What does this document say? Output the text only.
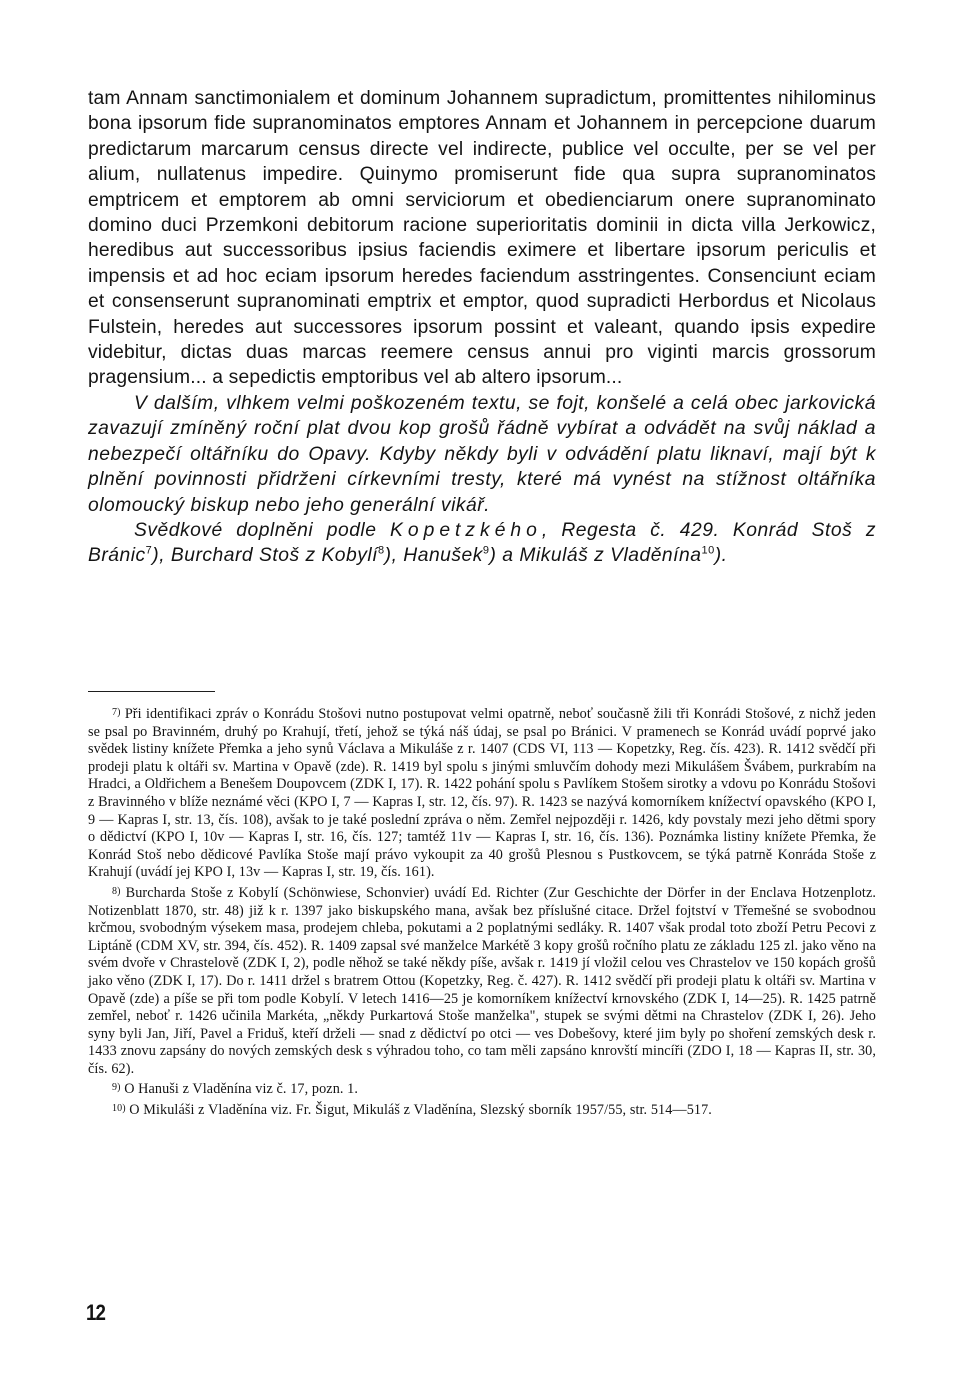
tam Annam sanctimonialem et dominum Johannem supradictum, promittentes nihilominus bona ipsorum fide supranominatos emptores Annam et Johannem in percepcione duarum predictarum marcarum census directe vel indirecte, publice vel occulte, per se vel per alium, nullatenus impedire. Quinymo promiserunt fide qua supra supranominatos emptricem et emptorem ab omni serviciorum et obedienciarum onere supranominato domino duci Przemkoni debitorum racione superioritatis dominii in dicta villa Jerkowicz, heredibus aut successoribus ipsius faciendis eximere et libertare ipsorum periculis et impensis et ad hoc eciam ipsorum heredes faciendum asstringentes. Consenciunt eciam et consenserunt supranominati emptrix et emptor, quod supradicti Herbordus et Nicolaus Fulstein, heredes aut successores ipsorum possint et valeant, quando ipsis expedire videbitur, dictas duas marcas reemere census annui pro viginti marcis grossorum pragensium... a sepedictis emptoribus vel ab altero ipsorum...

V dalším, vlhkem velmi poškozeném textu, se fojt, konšelé a celá obec jarkovická zavazují zmíněný roční plat dvou kop grošů řádně vybírat a odvádět na svůj náklad a nebezpečí oltářníku do Opavy. Kdyby někdy byli v odvádění platu liknaví, mají být k plnění povinnosti přidrženi církevními tresty, které má vynést na stížnost oltářníka olomoucký biskup nebo jeho generální vikář.

Svědkové doplněni podle Kopetzkého, Regesta č. 429. Konrád Stoš z Bránic$^7$), Burchard Stoš z Kobylí$^8$), Hanušek$^9$) a Mikuláš z Vladěnína$^{10}$).

$^{7)}$ Při identifikaci zpráv o Konrádu Stošovi nutno postupovat velmi opatrně, neboť současně žili tři Konrádi Stošové, z nichž jeden se psal po Bravinném, druhý po Krahují, třetí, jehož se týká náš údaj, se psal po Bránici. V pramenech se Konrád uvádí poprvé jako svědek listiny knížete Přemka a jeho synů Václava a Mikuláše z r. 1407 (CDS VI, 113 — Kopetzky, Reg. čís. 423). R. 1412 svědčí při prodeji platu k oltáři sv. Martina v Opavě (zde). R. 1419 byl spolu s jinými smluvčím dohody mezi Mikulášem Švábem, purkrabím na Hradci, a Oldřichem a Benešem Doupovcem (ZDK I, 17). R. 1422 pohání spolu s Pavlíkem Stošem sirotky a vdovu po Konrádu Stošovi z Bravinného v blíže neznámé věci (KPO I, 7 — Kapras I, str. 12, čís. 97). R. 1423 se nazývá komorníkem knížectví opavského (KPO I, 9 — Kapras I, str. 13, čís. 108), avšak to je také poslední zpráva o něm. Zemřel nejpozději r. 1426, kdy povstaly mezi jeho dětmi spory o dědictví (KPO I, 10v — Kapras I, str. 16, čís. 127; tamtéž 11v — Kapras I, str. 16, čís. 136). Poznámka listiny knížete Přemka, že Konrád Stoš nebo dědicové Pavlíka Stoše mají právo vykoupit za 40 grošů Plesnou s Pustkovcem, se týká patrně Konráda Stoše z Krahují (uvádí jej KPO I, 13v — Kapras I, str. 19, čís. 161).

$^{8)}$ Burcharda Stoše z Kobylí (Schönwiese, Schonvier) uvádí Ed. Richter (Zur Geschichte der Dörfer in der Enclava Hotzenplotz. Notizenblatt 1870, str. 48) již k r. 1397 jako biskupského mana, avšak bez příslušné citace. Držel fojtství v Třemešné se svobodnou krčmou, svobodným výsekem masa, prodejem chleba, pokutami a 2 poplatnými sedláky. R. 1407 však prodal toto zboží Petru Pecovi z Liptáně (CDM XV, str. 394, čís. 452). R. 1409 zapsal své manželce Markétě 3 kopy grošů ročního platu ze základu 125 zl. jako věno na svém dvoře v Chrastelově (ZDK I, 2), podle něhož se také někdy píše, avšak r. 1419 jí vložil celou ves Chrastelov ve 150 kopách grošů jako věno (ZDK I, 17). Do r. 1411 držel s bratrem Ottou (Kopetzky, Reg. č. 427). R. 1412 svědčí při prodeji platu k oltáři sv. Martina v Opavě (zde) a píše se při tom podle Kobylí. V letech 1416—25 je komorníkem knížectví krnovského (ZDK I, 14—25). R. 1425 patrně zemřel, neboť r. 1426 učinila Markéta, „někdy Purkartová Stoše manželka", stupek se svými dětmi na Chrastelov (ZDK I, 26). Jeho syny byli Jan, Jiří, Pavel a Friduš, kteří drželi — snad z dědictví po otci — ves Dobešovy, které jim byly po shoření zemských desk r. 1433 znovu zapsány do nových zemských desk s výhradou toho, co tam měli zapsáno knrovští mincíři (ZDO I, 18 — Kapras II, str. 30, čís. 62).

$^{9)}$ O Hanuši z Vladěnína viz č. 17, pozn. 1.

$^{10)}$ O Mikuláši z Vladěnína viz. Fr. Šigut, Mikuláš z Vladěnína, Slezský sborník 1957/55, str. 514—517.

12
